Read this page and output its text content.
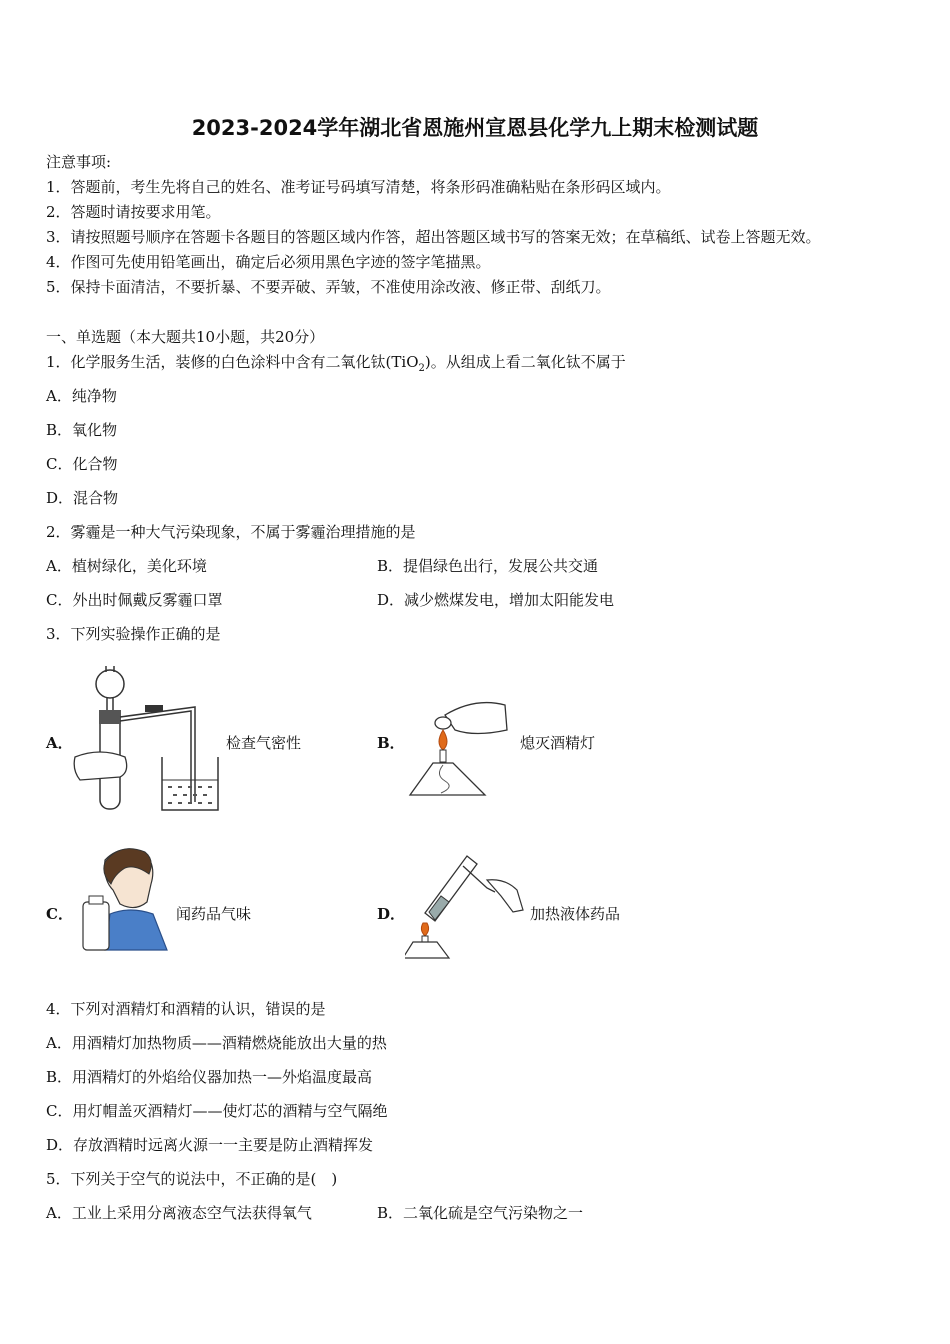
2023-2024学年湖北省恩施州宣恩县化学九上期末检测试题
注意事项:
1．答题前，考生先将自己的姓名、准考证号码填写清楚，将条形码准确粘贴在条形码区域内。
2．答题时请按要求用笔。
3．请按照题号顺序在答题卡各题目的答题区域内作答，超出答题区域书写的答案无效；在草稿纸、试卷上答题无效。
4．作图可先使用铅笔画出，确定后必须用黑色字迹的签字笔描黑。
5．保持卡面清洁，不要折暴、不要弄破、弄皱，不准使用涂改液、修正带、刮纸刀。
一、单选题（本大题共10小题，共20分）
1．化学服务生活，装修的白色涂料中含有二氧化钛(TiO$_2$)。从组成上看二氧化钛不属于
A．纯净物
B．氧化物
C．化合物
D．混合物
2．雾霾是一种大气污染现象，不属于雾霾治理措施的是
A．植树绿化，美化环境	B．提倡绿色出行，发展公共交通
C．外出时佩戴反雾霾口罩	D．减少燃煤发电，增加太阳能发电
3．下列实验操作正确的是
A．	检查气密性	B．	熄灭酒精灯
C．	闻药品气味	D．	加热液体药品
4．下列对酒精灯和酒精的认识，错误的是
A．用酒精灯加热物质——酒精燃烧能放出大量的热
B．用酒精灯的外焰给仪器加热一—外焰温度最高
C．用灯帽盖灭酒精灯——使灯芯的酒精与空气隔绝
D．存放酒精时远离火源一一主要是防止酒精挥发
5．下列关于空气的说法中，不正确的是(　)
A．工业上采用分离液态空气法获得氧气	B．二氧化硫是空气污染物之一
